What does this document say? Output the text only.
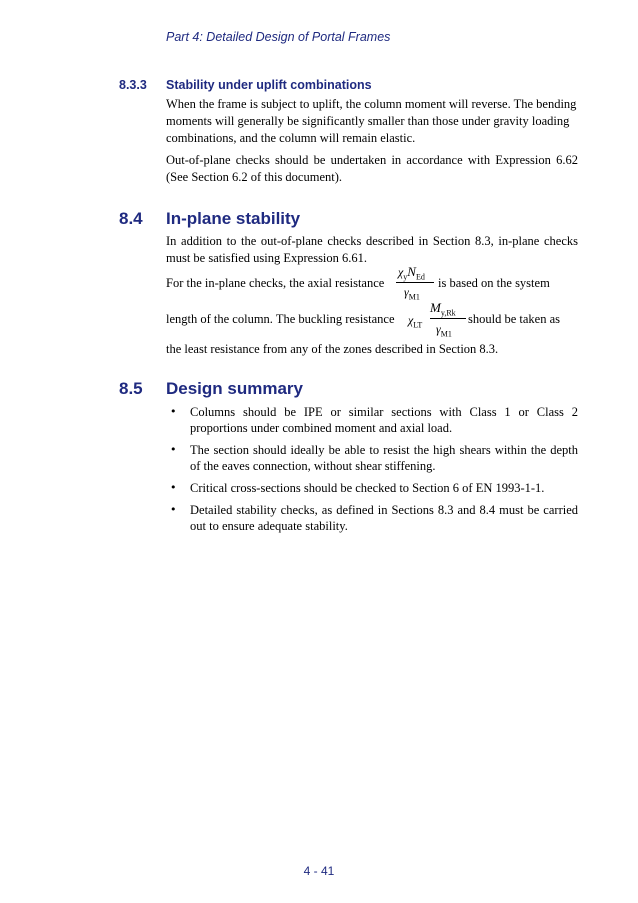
Part 4: Detailed Design of Portal Frames
8.3.3 Stability under uplift combinations

When the frame is subject to uplift, the column moment will reverse. The bending moments will generally be significantly smaller than those under gravity loading combinations, and the column will remain elastic.

Out-of-plane checks should be undertaken in accordance with Expression 6.62 (See Section 6.2 of this document).

8.4 In-plane stability

In addition to the out-of-plane checks described in Section 8.3, in-plane checks must be satisfied using Expression 6.61.

For the in-plane checks, the axial resistance
$\chi_yN_{Ed}$
$\gamma_{M1}$
is based on the system
length of the column. The buckling resistance $\chi_{LT}$
$M_{y,Rk}$
$\gamma_{M1}$
should be taken as
the least resistance from any of the zones described in Section 8.3.
8.5 Design summary
• Columns should be IPE or similar sections with Class 1 or Class 2 proportions under combined moment and axial load.

• The section should ideally be able to resist the high shears within the depth of the eaves connection, without shear stiffening.

• Critical cross-sections should be checked to Section 6 of EN 1993-1-1.

• Detailed stability checks, as defined in Sections 8.3 and 8.4 must be carried out to ensure adequate stability.

4 - 41
